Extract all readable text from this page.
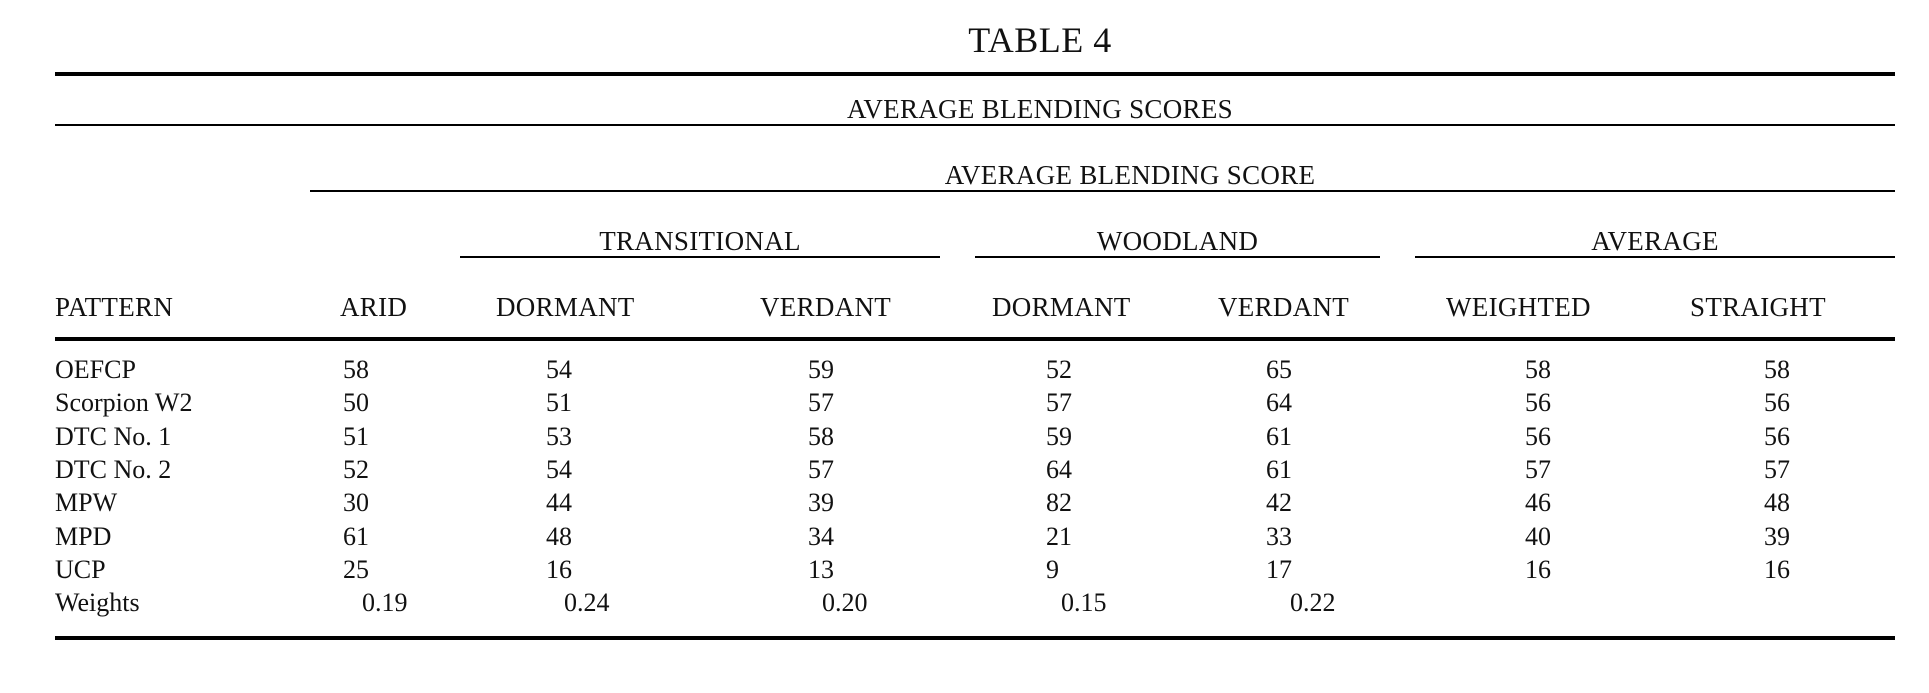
TABLE 4
AVERAGE BLENDING SCORES
AVERAGE BLENDING SCORE
TRANSITIONAL	WOODLAND	AVERAGE
PATTERN	ARID	DORMANT	VERDANT	DORMANT	VERDANT	WEIGHTED	STRAIGHT
OEFCP	58	54	59	52	65	58	58
Scorpion W2	50	51	57	57	64	56	56
DTC No. 1	51	53	58	59	61	56	56
DTC No. 2	52	54	57	64	61	57	57
MPW	30	44	39	82	42	46	48
MPD	61	48	34	21	33	40	39
UCP	25	16	13	9	17	16	16
Weights	0.19	0.24	0.20	0.15	0.22
